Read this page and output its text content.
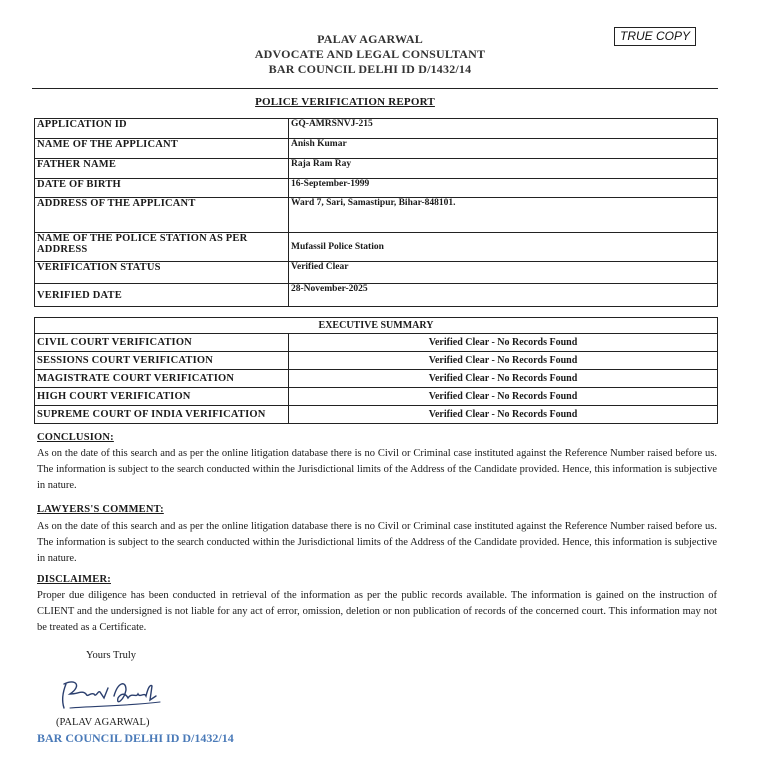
PALAV AGARWAL
ADVOCATE AND LEGAL CONSULTANT
BAR COUNCIL DELHI ID D/1432/14
TRUE COPY
POLICE VERIFICATION REPORT
APPLICATION ID	GQ-AMRSNVJ-215
NAME OF THE APPLICANT	Anish Kumar
FATHER NAME	Raja Ram Ray
DATE OF BIRTH	16-September-1999
ADDRESS OF THE APPLICANT	Ward 7, Sari, Samastipur, Bihar-848101.
NAME OF THE POLICE STATION AS PER ADDRESS	Mufassil Police Station
VERIFICATION STATUS	Verified Clear
VERIFIED DATE	28-November-2025
EXECUTIVE SUMMARY	
CIVIL COURT VERIFICATION	Verified Clear - No Records Found
SESSIONS COURT VERIFICATION	Verified Clear - No Records Found
MAGISTRATE COURT VERIFICATION	Verified Clear - No Records Found
HIGH COURT VERIFICATION	Verified Clear - No Records Found
SUPREME COURT OF INDIA VERIFICATION	Verified Clear - No Records Found
CONCLUSION:
As on the date of this search and as per the online litigation database there is no Civil or Criminal case instituted against the Reference Number raised before us. The information is subject to the search conducted within the Jurisdictional limits of the Address of the Candidate provided. Hence, this information is subjective in nature.
LAWYERS'S COMMENT:
As on the date of this search and as per the online litigation database there is no Civil or Criminal case instituted against the Reference Number raised before us. The information is subject to the search conducted within the Jurisdictional limits of the Address of the Candidate provided. Hence, this information is subjective in nature.
DISCLAIMER:
Proper due diligence has been conducted in retrieval of the information as per the public records available. The information is gained on the instruction of CLIENT and the undersigned is not liable for any act of error, omission, deletion or non publication of records of the concerned court. This information may not be treated as a Certificate.
Yours Truly
(PALAV AGARWAL)
BAR COUNCIL DELHI ID D/1432/14
